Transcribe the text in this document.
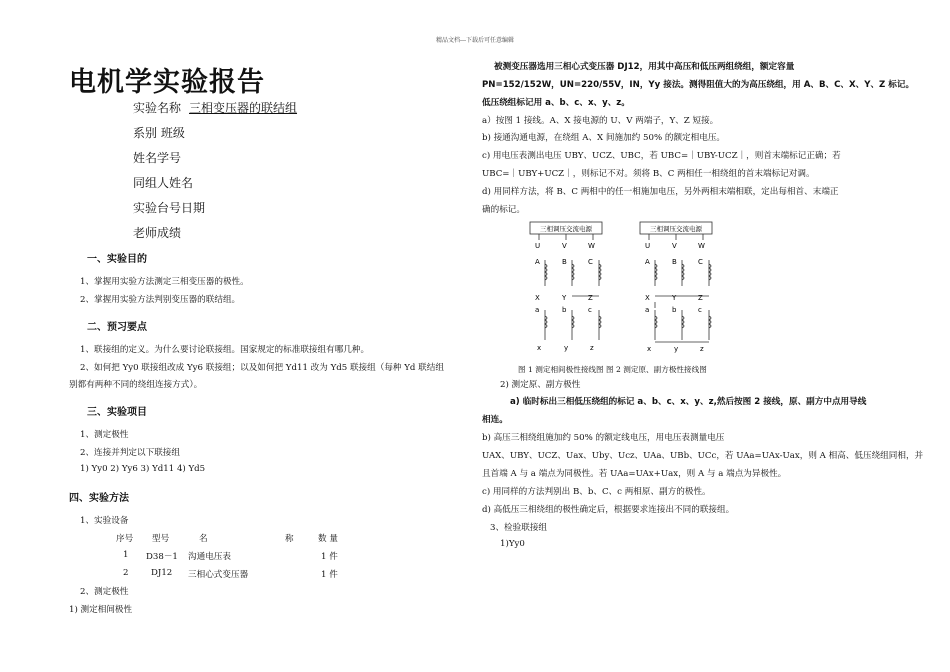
精品文档---下载后可任意编辑
电机学实验报告
实验名称 三相变压器的联结组
系别 班级
姓名学号
同组人姓名
实验台号日期
老师成绩
一、实验目的
1、掌握用实验方法测定三相变压器的极性。
2、掌握用实验方法判别变压器的联结组。
二、预习要点
1、联接组的定义。为什么要讨论联接组。国家规定的标准联接组有哪几种。
2、如何把 Yy0 联接组改成 Yy6 联接组；以及如何把 Yd11 改为 Yd5 联接组（每种 Yd 联结组
别都有两种不同的绕组连接方式）。
三、实验项目
1、测定极性
2、连接并判定以下联接组
1) Yy0 2) Yy6 3) Yd11 4) Yd5
四、实验方法
1、实验设备
序号 型号	名	称	数 量
1 D38－1 沟通电压表	1 件
2	DJ12 三相心式变压器	1 件
2、测定极性
1) 测定相间极性
被测变压器选用三相心式变压器 DJ12，用其中高压和低压两组绕组，额定容量
PN=152/152W，UN=220/55V，IN，Yy 接法。测得阻值大的为高压绕组，用 A、B、C、X、Y、Z 标记。
低压绕组标记用 a、b、c、x、y、z。
a）按图 1 接线。A、X 接电源的 U、V 两端子，Y、Z 短接。
b) 接通沟通电源，在绕组 A、X 间施加约 50% 的额定相电压。
c) 用电压表测出电压 UBY、UCZ、UBC，若 UBC=｜UBY-UCZ｜，则首末端标记正确；若
UBC=｜UBY+UCZ｜，则标记不对。须将 B、C 两相任一相绕组的首末端标记对调。
d) 用同样方法，将 B、C 两相中的任一相施加电压，另外两相末端相联，定出每相首、末端正
确的标记。
三相调压交流电源
U	V	W
A	B	C
X	Y	Z
a	b	c
x	y	z
三相调压交流电源
U	V	W
A	B	C
X	Y	Z
a	b	c
x	y	z
图 1 测定相间极性接线图 图 2 测定原、副方极性接线图
2) 测定原、副方极性
a) 临时标出三相低压绕组的标记 a、b、c、x、y、z,然后按图 2 接线，原、副方中点用导线
相连。
b) 高压三相绕组施加约 50% 的额定线电压，用电压表测量电压
UAX、UBY、UCZ、Uax、Uby、Ucz、UAa、UBb、UCc，若 UAa=UAx-Uax，则 A 相高、低压绕组同相，并
且首端 A 与 a 端点为同极性。若 UAa=UAx+Uax，则 A 与 a 端点为异极性。
c) 用同样的方法判别出 B、b、C、c 两相原、副方的极性。
d) 高低压三相绕组的极性确定后，根据要求连接出不同的联接组。
3、检验联接组
1)Yy0
